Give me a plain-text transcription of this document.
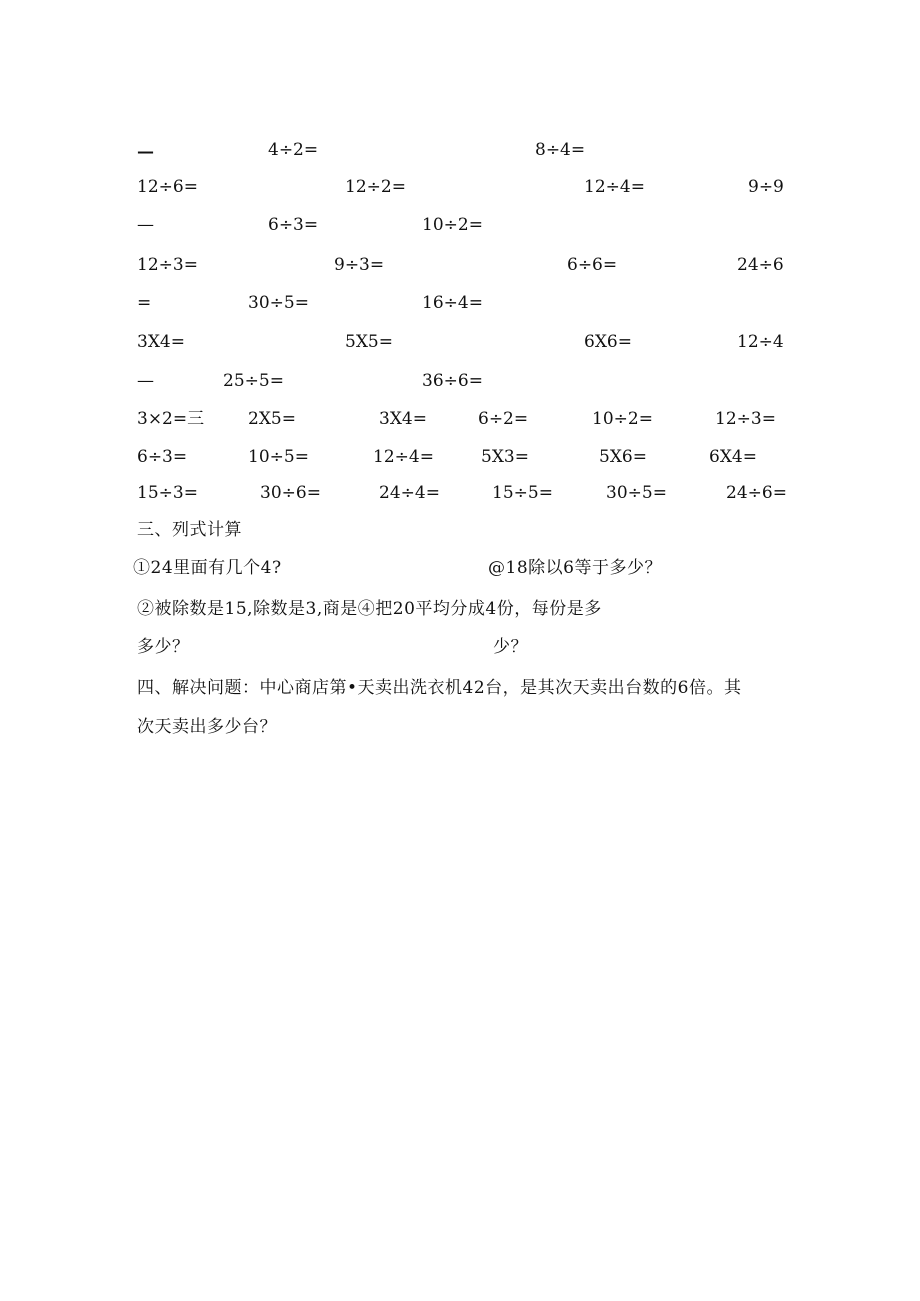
—	4÷2=	8÷4=
12÷6=	12÷2=	12÷4=	9÷9
—	6÷3=	10÷2=
12÷3=	9÷3=	6÷6=	24÷6
=	30÷5=	16÷4=
3X4=	5X5=	6X6=	12÷4
—	25÷5=	36÷6=
3×2=三	2X5=	3X4=	6÷2=	10÷2=	12÷3=
6÷3=	10÷5=	12÷4=	5X3=	5X6=	6X4=
15÷3=	30÷6=	24÷4=	15÷5=	30÷5=	24÷6=
三、列式计算
①24里面有几个4?	@18除以6等于多少？
②被除数是15,除数是3,商是④把20平均分成4份，每份是多
多少？	少？
四、解决问题：中心商店第•天卖出洗衣机42台，是其次天卖出台数的6倍。其
次天卖出多少台？
